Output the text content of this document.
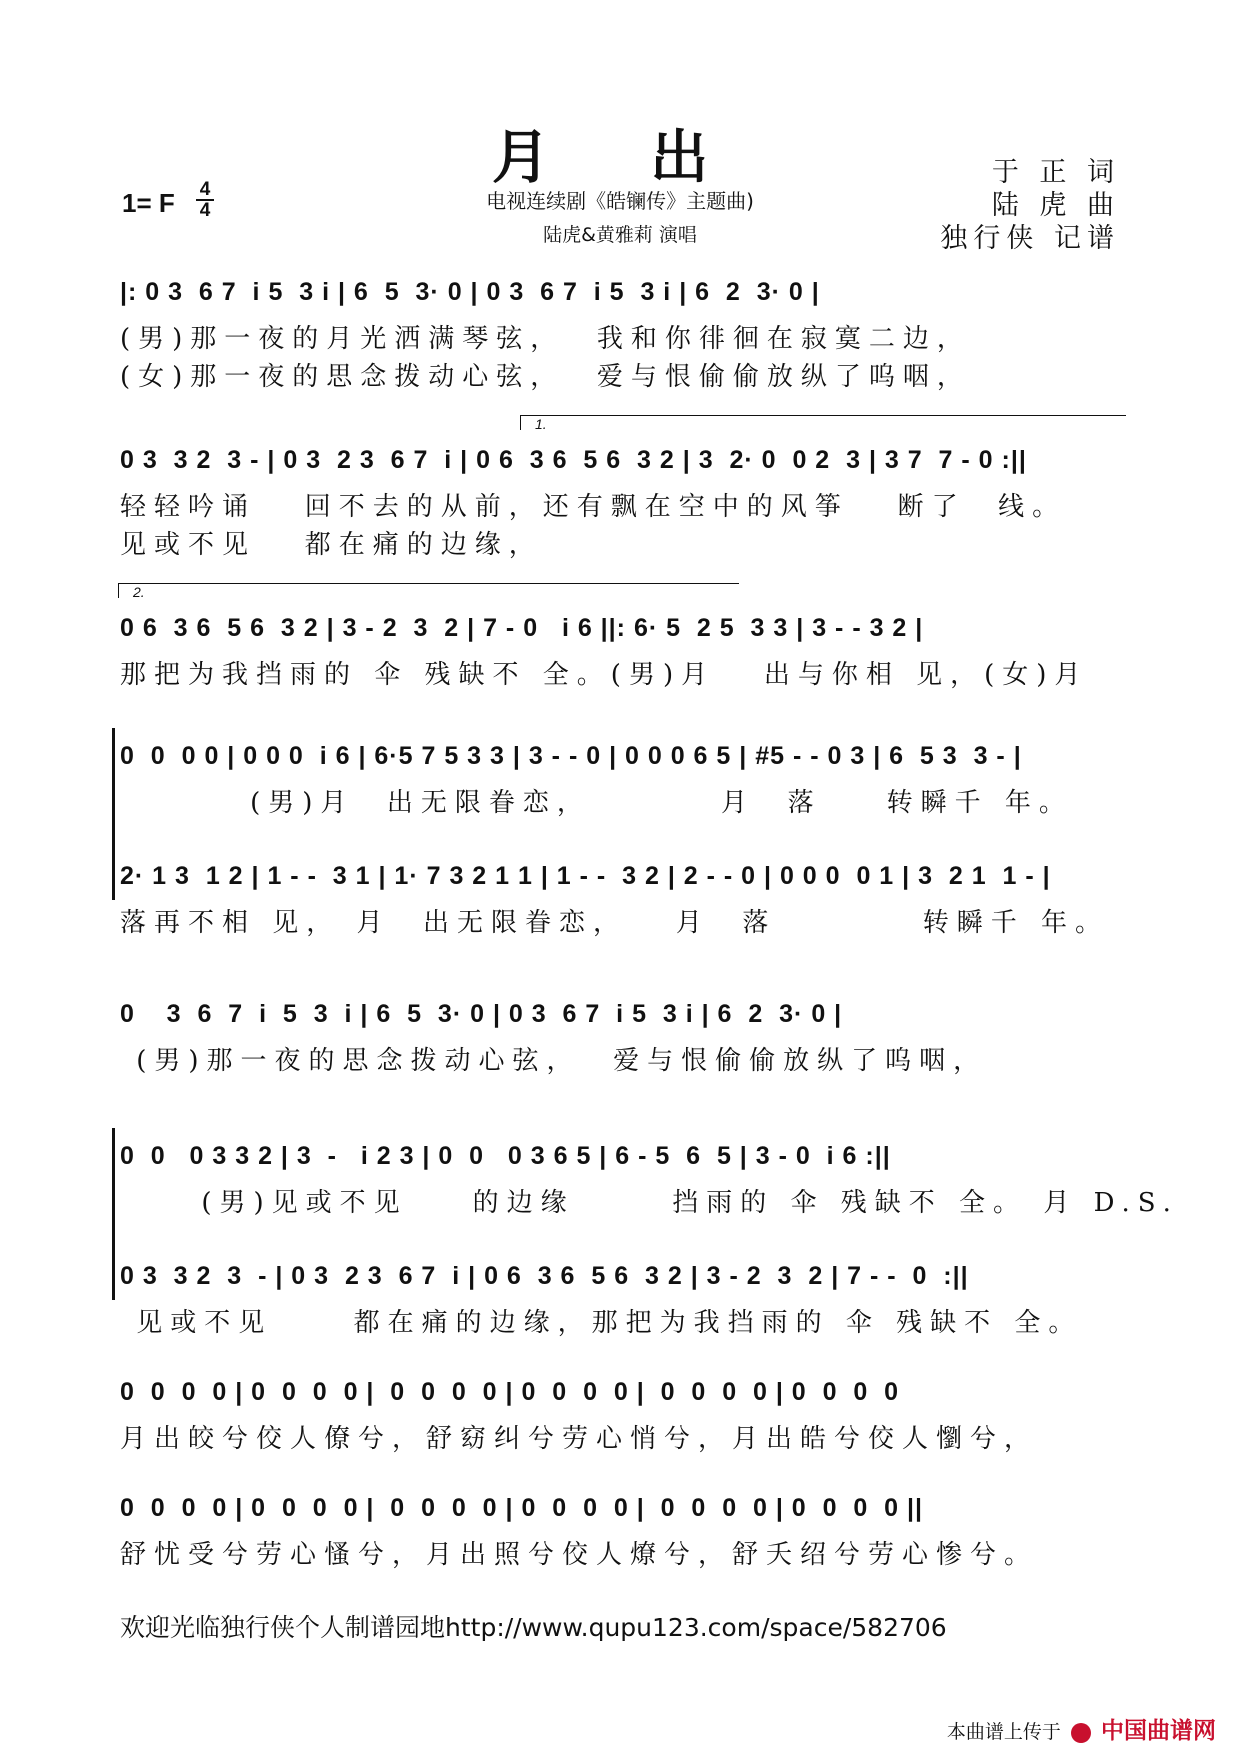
月 出
电视连续剧《皓镧传》主题曲)
陆虎&黄雅莉 演唱
于 正 词
陆 虎 曲
独行侠 记谱
1= F 4
4
|: 0 3  6 7  i 5  3 i | 6  5  3· 0 | 0 3  6 7  i 5  3 i | 6  2  3· 0 |
(男)那一夜的月光洒满琴弦，  我和你徘徊在寂寞二边，
(女)那一夜的思念拨动心弦，  爱与恨偷偷放纵了呜咽，
1.
0 3  3 2  3 - | 0 3  2 3  6 7  i | 0 6  3 6  5 6  3 2 | 3  2· 0  0 2  3 | 3 7  7 - 0 :||
轻轻吟诵   回不去的从前，还有飘在空中的风筝   断了  线。
见或不见   都在痛的边缘，
2.
0 6  3 6  5 6  3 2 | 3 - 2  3  2 | 7 - 0   i 6 ||: 6· 5  2 5  3 3 | 3 - - 3 2 |
那把为我挡雨的 伞 残缺不 全。(男)月   出与你相 见，(女)月
0  0  0 0 | 0 0 0  i 6 | 6·5 7 5 3 3 | 3 - - 0 | 0 0 0 6 5 | #5 - - 0 3 | 6  5 3  3 - |
(男)月  出无限眷恋，        月  落    转瞬千 年。
2· 1 3  1 2 | 1 - -  3 1 | 1· 7 3 2 1 1 | 1 - -  3 2 | 2 - - 0 | 0 0 0  0 1 | 3  2 1  1 - |
落再不相 见， 月  出无限眷恋，   月  落         转瞬千 年。
0    3  6  7  i  5  3  i | 6  5  3· 0 | 0 3  6 7  i 5  3 i | 6  2  3· 0 |
(男)那一夜的思念拨动心弦，  爱与恨偷偷放纵了呜咽，
0  0   0 3 3 2 | 3  -   i 2 3 | 0  0   0 3 6 5 | 6 - 5  6  5 | 3 - 0  i 6 :||
(男)见或不见    的边缘      挡雨的 伞 残缺不 全。 月 D.S.
0 3  3 2  3  - | 0 3  2 3  6 7  i | 0 6  3 6  5 6  3 2 | 3 - 2  3  2 | 7 - -  0  :||
见或不见     都在痛的边缘，那把为我挡雨的 伞 残缺不 全。
0  0  0  0 | 0  0  0  0 |  0  0  0  0 | 0  0  0  0 |  0  0  0  0 | 0  0  0  0
月出皎兮佼人僚兮，舒窈纠兮劳心悄兮，月出皓兮佼人懰兮，
0  0  0  0 | 0  0  0  0 |  0  0  0  0 | 0  0  0  0 |  0  0  0  0 | 0  0  0  0 ||
舒忧受兮劳心慅兮，月出照兮佼人燎兮，舒夭绍兮劳心惨兮。
欢迎光临独行侠个人制谱园地http://www.qupu123.com/space/582706
本曲谱上传于 中国曲谱网
